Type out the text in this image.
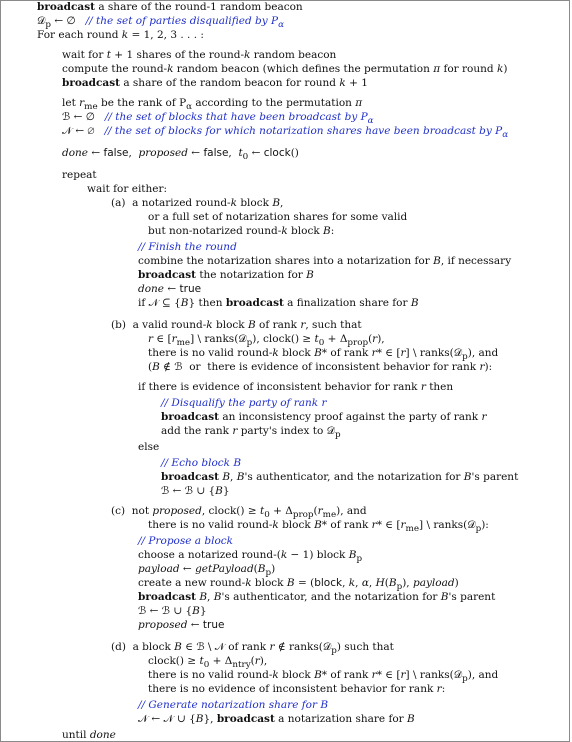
broadcast a share of the round-1 random beacon
𝒟$_p$ ← ∅   // the set of parties disqualified by $P_\alpha$
For each round k = 1, 2, 3 . . . :
wait for t + 1 shares of the round-k random beacon
compute the round-k random beacon (which defines the permutation π for round k)
broadcast a share of the random beacon for round k + 1
let $r_{me}$ be the rank of $P_\alpha$ according to the permutation π
ℬ ← ∅   // the set of blocks that have been broadcast by $P_\alpha$
𝒩 ← ∅   // the set of blocks for which notarization shares have been broadcast by $P_\alpha$
done ← false,  proposed ← false,  $t_0$ ← clock()
repeat
wait for either:
(a)  a notarized round-k block B,
or a full set of notarization shares for some valid
but non-notarized round-k block B:
// Finish the round
combine the notarization shares into a notarization for B, if necessary
broadcast the notarization for B
done ← true
if 𝒩 ⊆ {B} then broadcast a finalization share for B
(b)  a valid round-k block B of rank r, such that
r ∈ $[r_{me}]$ \ ranks(𝒟$_p$), clock() ≥ $t_0 + \Delta_{prop}(r)$,
there is no valid round-k block B* of rank r* ∈ [r] \ ranks(𝒟$_p$), and
(B ∉ ℬ  or  there is evidence of inconsistent behavior for rank r):
if there is evidence of inconsistent behavior for rank r then
// Disqualify the party of rank r
broadcast an inconsistency proof against the party of rank r
add the rank r party's index to 𝒟$_p$
else
// Echo block B
broadcast B, B's authenticator, and the notarization for B's parent
ℬ ← ℬ ∪ {B}
(c)  not proposed, clock() ≥ $t_0 + \Delta_{prop}(r_{me})$, and
there is no valid round-k block B* of rank r* ∈ $[r_{me}]$ \ ranks(𝒟$_p$):
// Propose a block
choose a notarized round-(k − 1) block $B_p$
payload ← $getPayload(B_p)$
create a new round-k block B = (block, k, α, $H(B_p)$, payload)
broadcast B, B's authenticator, and the notarization for B's parent
ℬ ← ℬ ∪ {B}
proposed ← true
(d)  a block B ∈ ℬ \ 𝒩 of rank r ∉ ranks(𝒟$_p$) such that
clock() ≥ $t_0 + \Delta_{ntry}(r)$,
there is no valid round-k block B* of rank r* ∈ [r] \ ranks(𝒟$_p$), and
there is no evidence of inconsistent behavior for rank r:
// Generate notarization share for B
𝒩 ← 𝒩 ∪ {B}, broadcast a notarization share for B
until done
